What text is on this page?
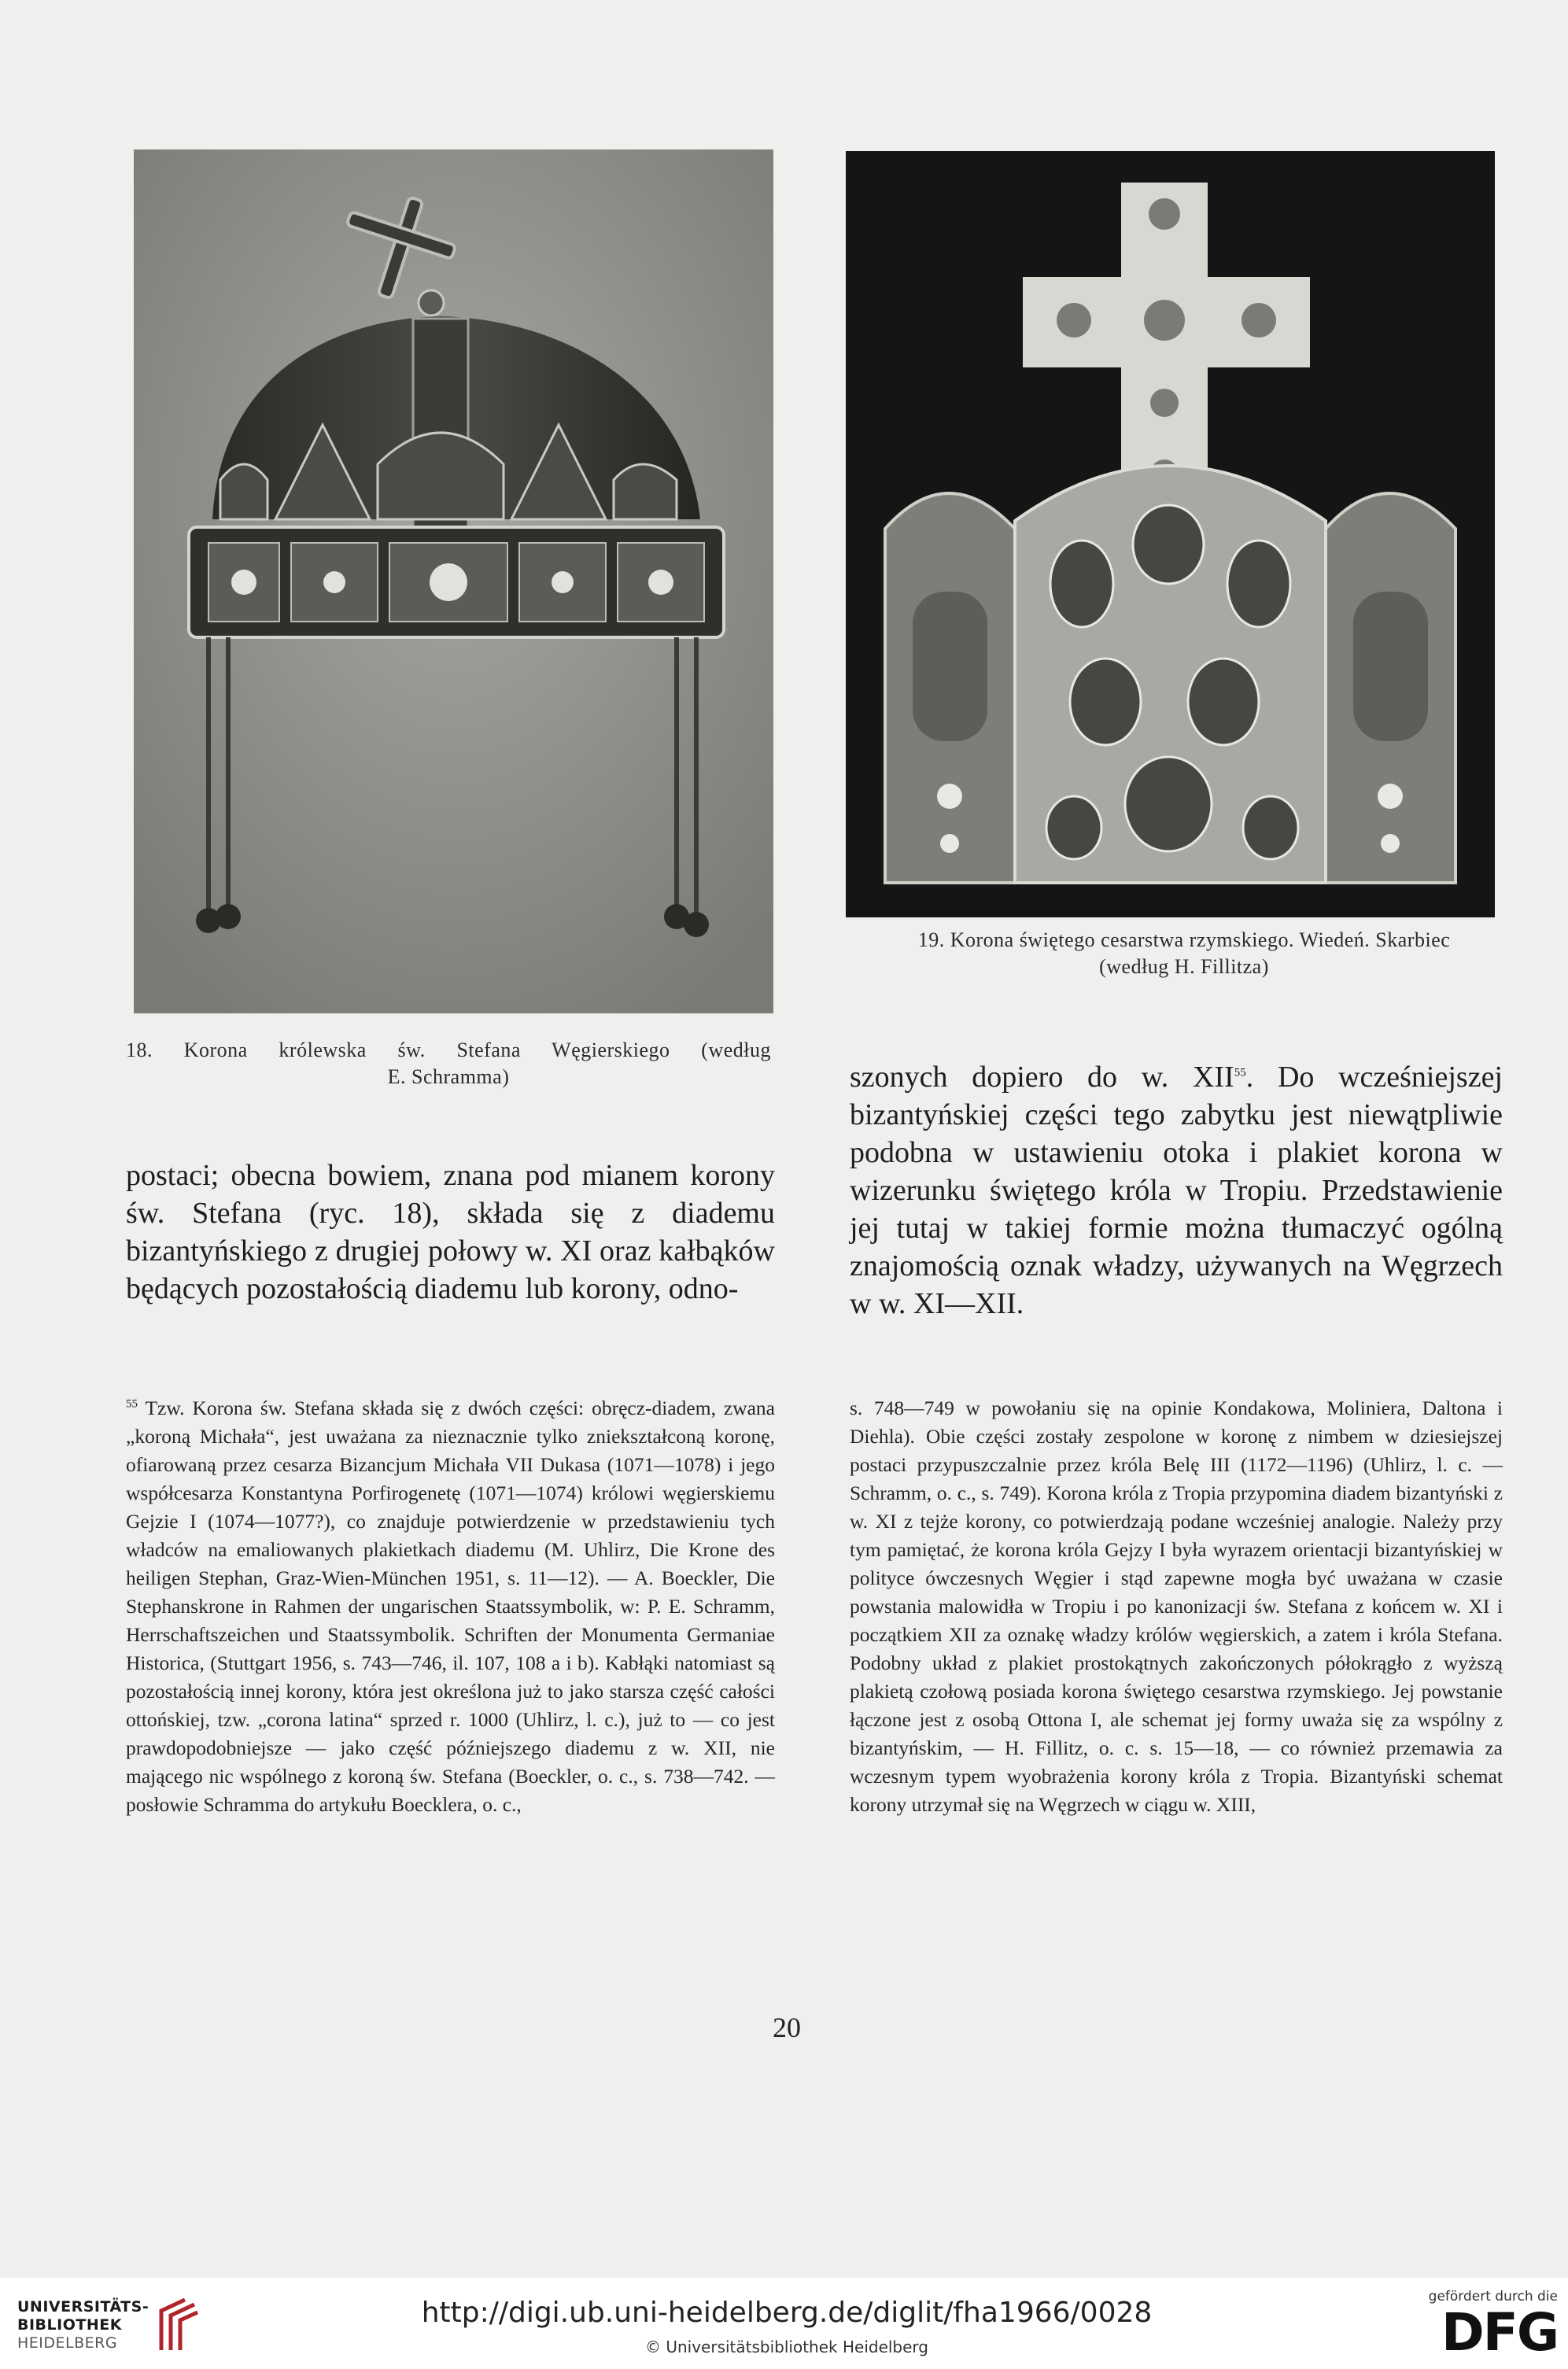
18. Korona królewska św. Stefana Węgierskiego (według
E. Schramma)
19. Korona świętego cesarstwa rzymskiego. Wiedeń. Skarbiec
(według H. Fillitza)

postaci; obecna bowiem, znana pod mianem korony św. Stefana (ryc. 18), składa się z diademu bizantyńskiego z drugiej połowy w. XI oraz kałbąków będących pozostałością diademu lub korony, odno-

szonych dopiero do w. XII$^{55}$. Do wcześniejszej bizantyńskiej części tego zabytku jest niewątpliwie podobna w ustawieniu otoka i plakiet korona w wizerunku świętego króla w Tropiu. Przedstawienie jej tutaj w takiej formie można tłumaczyć ogólną znajomością oznak władzy, używanych na Węgrzech w w. XI—XII.

$^{55}$ Tzw. Korona św. Stefana składa się z dwóch części: obręcz-diadem, zwana „koroną Michała“, jest uważana za nieznacznie tylko zniekształconą koronę, ofiarowaną przez cesarza Bizancjum Michała VII Dukasa (1071—1078) i jego współcesarza Konstantyna Porfirogenetę (1071—1074) królowi węgierskiemu Gejzie I (1074—1077?), co znajduje potwierdzenie w przedstawieniu tych władców na emaliowanych plakietkach diademu (M. Uhlirz, Die Krone des heiligen Stephan, Graz-Wien-München 1951, s. 11—12). — A. Boeckler, Die Stephanskrone in Rahmen der ungarischen Staatssymbolik, w: P. E. Schramm, Herrschaftszeichen und Staatssymbolik. Schriften der Monumenta Germaniae Historica, (Stuttgart 1956, s. 743—746, il. 107, 108 a i b). Kabłąki natomiast są pozostałością innej korony, która jest określona już to jako starsza część całości ottońskiej, tzw. „corona latina“ sprzed r. 1000 (Uhlirz, l. c.), już to — co jest prawdopodobniejsze — jako część późniejszego diademu z w. XII, nie mającego nic wspólnego z koroną św. Stefana (Boeckler, o. c., s. 738—742. — posłowie Schramma do artykułu Boecklera, o. c.,

s. 748—749 w powołaniu się na opinie Kondakowa, Moliniera, Daltona i Diehla). Obie części zostały zespolone w koronę z nimbem w dziesiejszej postaci przypuszczalnie przez króla Belę III (1172—1196) (Uhlirz, l. c. — Schramm, o. c., s. 749). Korona króla z Tropia przypomina diadem bizantyński z w. XI z tejże korony, co potwierdzają podane wcześniej analogie. Należy przy tym pamiętać, że korona króla Gejzy I była wyrazem orientacji bizantyńskiej w polityce ówczesnych Węgier i stąd zapewne mogła być uważana w czasie powstania malowidła w Tropiu i po kanonizacji św. Stefana z końcem w. XI i początkiem XII za oznakę władzy królów węgierskich, a zatem i króla Stefana. Podobny układ z plakiet prostokątnych zakończonych półokrągło z wyższą plakietą czołową posiada korona świętego cesarstwa rzymskiego. Jej powstanie łączone jest z osobą Ottona I, ale schemat jej formy uważa się za wspólny z bizantyńskim, — H. Fillitz, o. c. s. 15—18, — co również przemawia za wczesnym typem wyobrażenia korony króla z Tropia. Bizantyński schemat korony utrzymał się na Węgrzech w ciągu w. XIII,

20
UNIVERSITÄTS-
BIBLIOTHEK
HEIDELBERG
http://digi.ub.uni-heidelberg.de/diglit/fha1966/0028
© Universitätsbibliothek Heidelberg
gefördert durch die
DFG
